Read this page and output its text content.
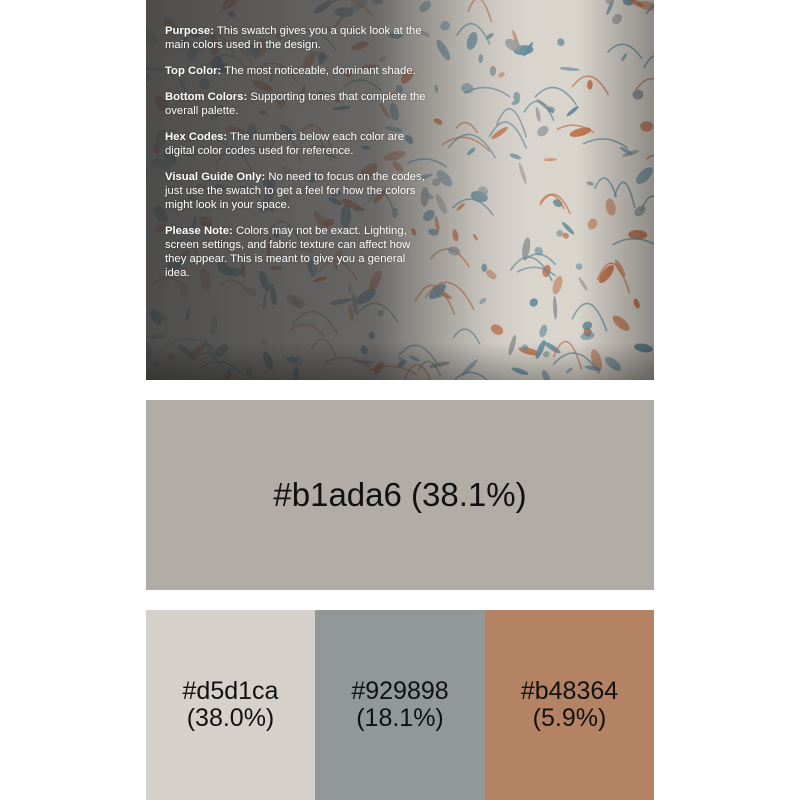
Purpose: This swatch gives you a quick look at the main colors used in the design.

Top Color: The most noticeable, dominant shade.

Bottom Colors: Supporting tones that complete the overall palette.

Hex Codes: The numbers below each color are digital color codes used for reference.

Visual Guide Only: No need to focus on the codes, just use the swatch to get a feel for how the colors might look in your space.

Please Note: Colors may not be exact. Lighting, screen settings, and fabric texture can affect how they appear. This is meant to give you a general idea.

#b1ada6 (38.1%)
#d5d1ca
(38.0%)
#929898
(18.1%)
#b48364
(5.9%)
